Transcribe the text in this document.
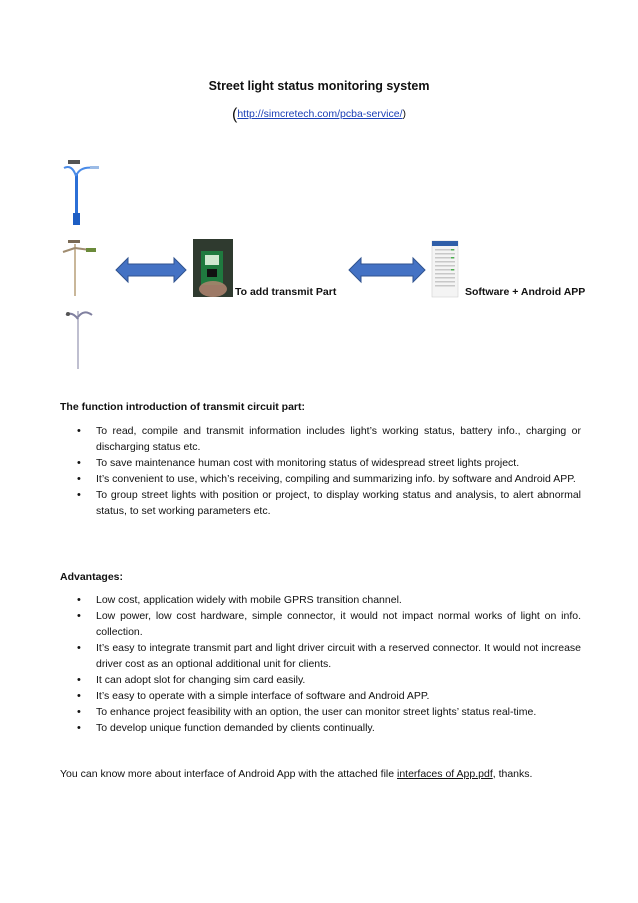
Street light status monitoring system
(http://simcretech.com/pcba-service/)
To add transmit Part	Software + Android APP
The function introduction of transmit circuit part:
• To read, compile and transmit information includes light’s working status, battery info., charging or discharging status etc.
• To save maintenance human cost with monitoring status of widespread street lights project.
• It’s convenient to use, which’s receiving, compiling and summarizing info. by software and Android APP.
• To group street lights with position or project, to display working status and analysis, to alert abnormal status, to set working parameters etc.
Advantages:
• Low cost, application widely with mobile GPRS transition channel.
• Low power, low cost hardware, simple connector, it would not impact normal works of light on info. collection.
• It’s easy to integrate transmit part and light driver circuit with a reserved connector. It would not increase driver cost as an optional additional unit for clients.
• It can adopt slot for changing sim card easily.
• It’s easy to operate with a simple interface of software and Android APP.
• To enhance project feasibility with an option, the user can monitor street lights’ status real-time.
• To develop unique function demanded by clients continually.
You can know more about interface of Android App with the attached file interfaces of App.pdf, thanks.
